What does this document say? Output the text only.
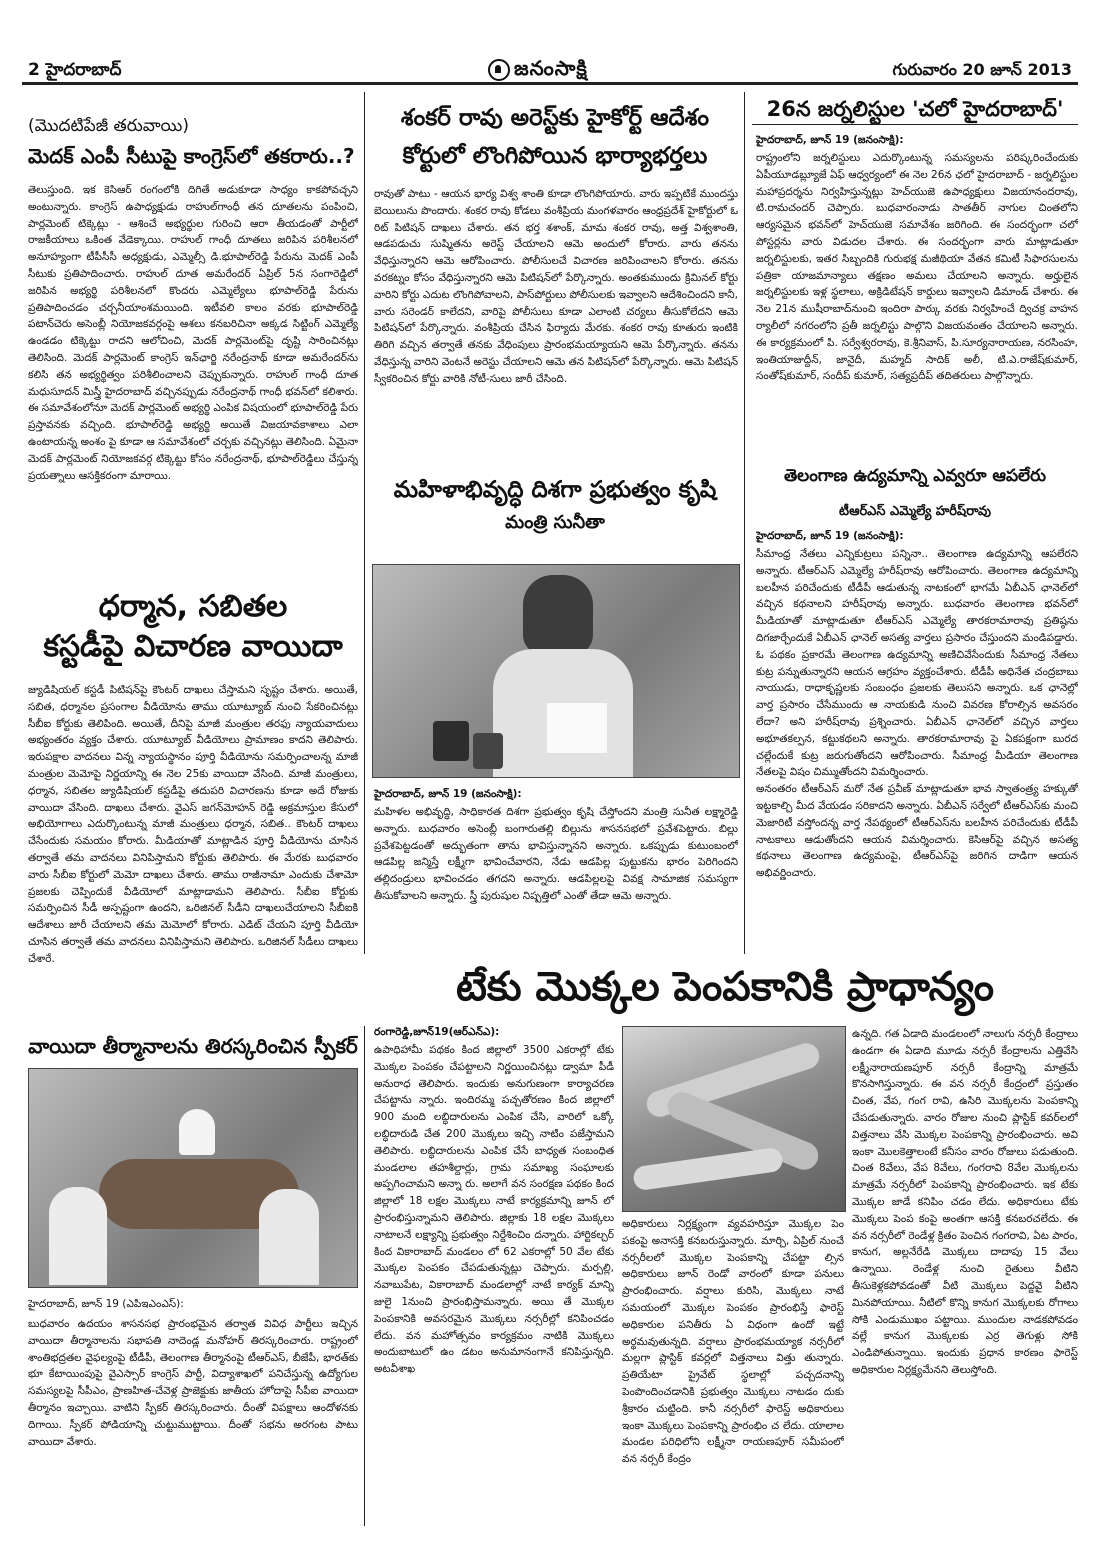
2 హైదరాబాద్	జనంసాక్షి	గురువారం 20 జూన్ 2013
(మొదటిపేజీ తరువాయి)
మెదక్ ఎంపీ సీటుపై కాంగ్రెస్‌లో తకరారు..?
తెలుస్తుంది. ఇక కెసిఆర్ రంగంలోకి దిగితే అడుకూడా సాధ్యం కాకపోవచ్చని అంటున్నారు. కాంగ్రెస్ ఉపాధ్యక్షుడు రాహుల్‌గాంధీ తన దూతలను పంపించి, పార్లమెంట్ టిక్కెట్లు - ఆశించే అభ్యర్థుల గురించి ఆరా తీయడంతో పార్టీలో రాజకీయాలు ఒకింత వేడెక్కాయి. రాహుల్ గాంధీ దూతలు జరిపిన పరిశీలనలో అనూహ్యంగా టీపీసీసీ అధ్యక్షుడు, ఎమ్మెల్సీ డి.భూపాల్‌రెడ్డి పేరును మెదక్ ఎంపీ సీటుకు ప్రతిపాదించారు. రాహుల్ దూత అమరేందర్ ఏప్రిల్ 5న సంగారెడ్డిలో జరిపిన అభ్యర్థి పరిశీలనలో కొందరు ఎమ్మెల్యేలు భూపాల్‌రెడ్డి పేరును ప్రతిపాదించడం చర్చనీయాంశమయింది. ఇటీవలి కాలం వరకు భూపాల్‌రెడ్డి పటాన్‌చెరు అసెంబ్లీ నియోజకవర్గంపై ఆశలు కనబరిచినా అక్కడ సిట్టింగ్ ఎమ్మెల్యే ఉండడం టిక్కెట్టు రాదని ఆలోచించి, మెదక్ పార్లమెంట్‌పై దృష్టి సారించినట్లు తెలిసింది. మెదక్ పార్లమెంట్ కాంగ్రెస్ ఇన్‌ఛార్జి నరేంద్రనాథ్ కూడా అమరేందర్‌ను కలిసి తన అభ్యర్థిత్వం పరిశీలించాలని చెప్పుకున్నారు. రాహుల్ గాంధీ దూత మధుసూదన్ మిస్త్రీ హైదరాబాద్ వచ్చినప్పుడు నరేంద్రనాథ్ గాంధీ భవన్‌లో కలిశారు. ఈ సమావేశంలోనూ మెదక్ పార్లమెంట్ అభ్యర్థి ఎంపిక విషయంలో భూపాల్‌రెడ్డి పేరు ప్రస్తావనకు వచ్చింది. భూపాల్‌రెడ్డి అభ్యర్థి అయితే విజయావకాశాలు ఎలా ఉంటాయన్న అంశం పై కూడా ఆ సమావేశంలో చర్చకు వచ్చినట్లు తెలిసింది. ఏమైనా మెదక్ పార్లమెంట్ నియోజకవర్గ టిక్కెట్టు కోసం నరేంద్రనాథ్, భూపాల్‌రెడ్డిలు చేస్తున్న ప్రయత్నాలు ఆసక్తికరంగా మారాయి.
ధర్మాన, సబితల
కస్టడీపై విచారణ వాయిదా
జ్యుడిషియల్ కస్టడీ పిటిషన్‌పై కౌంటర్ దాఖలు చేస్తామని సృష్టం చేశారు. అయితే, సబిత, ధర్మానల ప్రసంగాల వీడియోను తాము యూట్యూబ్ నుంచి సేకరించినట్లు సీబీఐ కోర్టుకు తెలిపింది. అయితే, దీనిపై మాజీ మంత్రుల తరఫు న్యాయవాదులు అభ్యంతరం వ్యక్తం చేశారు. యూట్యూబ్ వీడియోలు ప్రామాణం కాదని తెలిపారు. ఇరుపక్షాల వాదనలు విన్న న్యాయస్థానం పూర్తి వీడియోను సమర్పించాలన్న మాజీ మంత్రుల మెమోపై నిర్ణయాన్ని ఈ నెల 25కు వాయిదా వేసింది. మాజీ మంత్రులు, ధర్మాన, సబితల జ్యుడిషియల్ కస్టడీపై తదుపరి విచారణను కూడా అదే రోజుకు వాయిదా వేసింది. దాఖలు చేశారు. వైఎస్ జగన్‌మోహన్ రెడ్డి అక్రమాస్తుల కేసులో అభియోగాలు ఎదుర్కొంటున్న మాజీ మంత్రులు ధర్మాన, సబిత.. కౌంటర్ దాఖలు చేసేందుకు సమయం కోరారు. మీడియాతో మాట్లాడిన పూర్తి వీడియోను చూసిన తర్వాతే తమ వాదనలు వినిపిస్తామని కోర్టుకు తెలిపారు. ఈ మేరకు బుధవారం వారు సీబీఐ కోర్టులో మెమో దాఖలు చేశారు. తాము రాజీనామా ఎందుకు చేశామో ప్రజలకు చెప్పిందుకే వీడియోలో మాట్లాడామని తెలిపారు. సీబీఐ కోర్టుకు సమర్పించిన సీడీ అస్పష్టంగా ఉందని, ఒరిజినల్ సీడీని దాఖలుచేయాలని సీబీఐకి ఆదేశాలు జారీ చేయాలని తమ మెమోలో కోరారు. ఎడిట్ చేయని పూర్తి వీడియో చూసిన తర్వాతే తమ వాదనలు వినిపిస్తామని తెలిపారు. ఒరిజినల్ సీడీలు దాఖలు చేశారే.
వాయిదా తీర్మానాలను తిరస్కరించిన స్పీకర్
హైదరాబాద్, జూన్ 19 (ఎపిఇఎంఎస్):
బుధవారం ఉదయం శాసనసభ ప్రారంభమైన తర్వాత వివిధ పార్టీలు ఇచ్చిన వాయిదా తీర్మానాలను సభాపతి నాదెండ్ల మనోహర్ తిరస్కరించారు. రాష్ట్రంలో శాంతిభద్రతల వైఫల్యంపై టీడీపీ, తెలంగాణ తీర్మానంపై టీఆర్ఎస్, బీజేపీ, భారత్‌కు భూ కేటాయింపుపై వైఎస్సార్ కాంగ్రెస్ పార్టీ, విద్యాశాఖలో పనిచేస్తున్న ఉద్యోగుల సమస్యలపై సీపీఎం, ప్రాణహిత-చేవెళ్ల ప్రాజెక్టుకు జాతీయ హోదాపై సీపీఐ వాయిదా తీర్మానం ఇచ్చాయి. వాటిని స్పీకర్ తిరస్కరించారు. దీంతో విపక్షాలు ఆందోళనకు దిగాయి. స్పీకర్ పోడియాన్ని చుట్టుముట్టాయి. దీంతో సభను అరగంట పాటు వాయిదా వేశారు.
శంకర్ రావు అరెస్ట్‌కు హైకోర్ట్ ఆదేశం
కోర్టులో లొంగిపోయిన భార్యాభర్తలు
రావుతో పాటు - ఆయన భార్య విశ్వ శాంతి కూడా లొంగిపోయారు. వారు ఇప్పటికే ముందస్తు బెయిలును పొందారు. శంకర రావు కోడలు వంశీప్రియ మంగళవారం ఆంధ్రప్రదేశ్ హైకోర్టులో ఓ రిట్ పిటిషన్ దాఖలు చేశారు. తన భర్త శశాంక్, మామ శంకర రావు, అత్త విశ్వశాంతి, ఆడపడుచు సుష్మితను అరెస్ట్ చేయాలని ఆమె అందులో కోరారు. వారు తనను వేధిస్తున్నారని ఆమె ఆరోపించారు. పోలీసులచే విచారణ జరిపించాలని కోరారు. తనను వరకట్నం కోసం వేధిస్తున్నారని ఆమె పిటిషన్‌లో పేర్కొన్నారు. అంతకుముందు క్రిమినల్ కోర్టు వారిని కోర్టు ఎదుట లొంగిపోవాలని, పాస్‌పోర్టులు పోలీసులకు ఇవ్వాలని ఆదేశించిందని కానీ, వారు సరెండర్ కాలేదని, వారిపై పోలీసులు కూడా ఎలాంటి చర్యలు తీసుకోలేదని ఆమె పిటిషన్‌లో పేర్కొన్నారు. వంశీప్రియ చేసిన ఫిర్యాదు మేరకు. శంకర రావు కూతురు ఇంటికి తిరిగి వచ్చిన తర్వాతే తనకు వేధింపులు ప్రారంభమయ్యాయని ఆమె పేర్కొన్నారు. తనను వేధిస్తున్న వారిని వెంటనే అరెస్టు చేయాలని ఆమె తన పిటిషన్‌లో పేర్కొన్నారు. ఆమె పిటిషన్ స్వీకరించిన కోర్టు వారికి నోటీ-సులు జారీ చేసింది.
మహిళాభివృద్ధి దిశగా ప్రభుత్వం కృషి
మంత్రి సునీతా
హైదరాబాద్, జూన్ 19 (జనంసాక్షి):
మహిళల అభివృద్ధి, సాధికారత దిశగా ప్రభుత్వం కృషి చేస్తోందని మంత్రి సునీత లక్ష్మారెడ్డి అన్నారు. బుధవారం అసెంబ్లీ బంగారుతల్లి బిల్లును శాసనసభలో ప్రవేశపెట్టారు. బిల్లు ప్రవేశపెట్టడంతో అద్భుతంగా తాను భావిస్తున్నానని అన్నారు. ఒకప్పుడు కుటుంబంలో ఆడపిల్ల జన్మిస్తే లక్ష్మీగా భావించేవారని, నేడు ఆడపిల్ల పుట్టుకను భారం పెరిగిందని తల్లిదండ్రులు భావించడం తగదని అన్నారు. ఆడపిల్లలపై వివక్ష సామాజిక సమస్యగా తీసుకోవాలని అన్నారు. స్త్రీ పురుషుల నిష్పత్తిలో ఎంతో తేడా ఆమె అన్నారు.
26న జర్నలిస్టుల 'చలో హైదరాబాద్'
హైదరాబాద్, జూన్ 19 (జనంసాక్షి):
రాష్ట్రంలోని జర్నలిస్టులు ఎదుర్కొంటున్న సమస్యలను పరిష్కరించేందుకు ఏపీయూడబ్ల్యూజే ఏఫ్ ఆధ్వర్యంలో ఈ నెల 26న ఛలో హైదరాబాద్ - జర్నలిస్టుల మహాప్రదర్శను నిర్వహిస్తున్నట్లు హెచ్‌యుజె ఉపాధ్యక్షులు విజయానందరావు, టి.రామచందర్ చెప్పారు. బుధవారంనాడు సాతతీర్ నాగుల చింతలోని ఆర్యసమైన భవన్‌లో హెచ్‌యుజె సమావేశం జరిగింది. ఈ సందర్భంగా చలో పోస్టర్లను వారు విడుదల చేశారు. ఈ సందర్భంగా వారు మాట్లాడుతూ జర్నలిస్టులకు, ఇతర సిబ్బందికి గురుభక్ష మజీథియా వేతన కమిటీ సిఫారసులను పత్రికా యాజమాన్యాలు తక్షణం అమలు చేయాలని అన్నారు. అర్హులైన జర్నలిస్టులకు ఇళ్ల స్థలాలు, అక్రిడిటేషన్ కార్డులు ఇవ్వాలని డిమాండ్ చేశారు. ఈ నెల 21న ముషీరాబాద్‌నుంచి ఇందిరా పార్కు వరకు నిర్వహించే ద్విచక్ర వాహన ర్యాలీలో నగరంలోని ప్రతీ జర్నలిస్టు పాల్గొని విజయవంతం చేయాలని అన్నారు. ఈ కార్యక్రమంలో పి. సర్వేశ్వరరావు, కె.శ్రీనివాస్, పి.సూర్యనారాయణ, నరసింహ, ఇంతియాజుద్దీన్, జానైదీ, మహ్మద్ సాదిక్ అలీ, టి.ఎ.రాజేష్‌కుమార్, సంతోష్‌కుమార్, సందీప్ కుమార్, సత్యప్రదీప్ తదితరులు పాల్గొన్నారు.
తెలంగాణ ఉద్యమాన్ని ఎవ్వరూ ఆపలేరు
టీఆర్ఎస్ ఎమ్మెల్యే హరీష్‌రావు
హైదరాబాద్, జూన్ 19 (జనంసాక్షి):
సీమాంధ్ర నేతలు ఎన్నికుట్రలు పన్నినా.. తెలంగాణ ఉద్యమాన్ని ఆపలేరని అన్నారు. టీఆర్ఎస్ ఎమ్మెల్యే హరీష్‌రావు ఆరోపించారు. తెలంగాణ ఉద్యమాన్ని బలహీన పరిచేందుకు టీడీపీ ఆడుతున్న నాటకంలో భాగమే ఏబీఎన్ ఛానెల్‌లో వచ్చిన కథనాలని హరీష్‌రావు అన్నారు. బుధవారం తెలంగాణ భవన్‌లో మీడియాతో మాట్లాడుతూ టీఆర్ఎస్ ఎమ్మెల్యే తారకరామారావు ప్రతిష్ఠను దిగజార్చేందుకే ఏబీఎన్ ఛానెల్ అసత్య వార్తలు ప్రసారం చేస్తుందని మండిపడ్డారు. ఓ పథకం ప్రకారమే తెలంగాణ ఉద్యమాన్ని అణిచివేసేందుకు సీమాంధ్ర నేతలు కుట్ర పన్నుతున్నారని ఆయన ఆగ్రహం వ్యక్తంచేశారు. టీడీపీ అధినేత చంద్రబాబు నాయుడు, రాధాకృష్ణలకు సంబంధం ప్రజలకు తెలుసని అన్నారు. ఒక ఛానెల్లో వార్త ప్రసారం చేసేముందు ఆ నాయకుడి నుంచి వివరణ కోరాల్సిన అవసరం లేదా? అని హరీష్‌రావు ప్రశ్నించారు. ఏబీఎన్ ఛానెల్‌లో వచ్చిన వార్తలు అభూతకల్పన, కట్టుకథలని అన్నారు. తారకరామారావు పై ఏకపక్షంగా బురద చల్లేందుకే కుట్ర జరుగుతోందని ఆరోపించారు. సీమాంధ్ర మీడియా తెలంగాణ నేతలపై విషం చిమ్ముతోందని విమర్శించారు.
అనంతరం టీఆర్ఎస్ మరో నేత ప్రవీణ్ మాట్లాడుతూ భావ స్వాతంత్ర్య హక్కుతో ఇట్టకాల్చి మీద వేయడం సరికాదని అన్నారు. ఏబీఎన్ సర్వేలో టీఆర్ఎస్‌కు మంచి మెజారిటీ వస్తోందన్న వార్త నేపథ్యంలో టీఆర్ఎస్‌ను బలహీన పరిచేందుకు టీడీపీ నాటకాలు ఆడుతోందని ఆయన విమర్శించారు. కెసిఆర్‌పై వచ్చిన అసత్య కథనాలు తెలంగాణ ఉద్యమంపై, టీఆర్ఎస్‌పై జరిగిన దాడిగా ఆయన అభివర్ణించారు.
టేకు మొక్కల పెంపకానికి ప్రాధాన్యం
రంగారెడ్డి,జూన్19(ఆర్ఎన్ఎ):
ఉపాధిహామీ పథకం కింద జిల్లాలో 3500 ఎకరాల్లో టేకు మొక్కల పెంపకం చేపట్టాలని నిర్ణయించినట్లు డ్వామా పీడీ అనురాధ తెలిపారు. ఇందుకు అనుగుణంగా కార్యాచరణ చేపట్టాను న్నారు. ఇందిరమ్మ పచ్చతోరణం కింద జిల్లాలో 900 మంది లబ్ధిదారులను ఎంపిక చేసి, వారిలో ఒక్కో లబ్ధిదారుడి చేత 200 మొక్కలు ఇచ్చి నాటిం పజేస్తామని తెలిపారు. లబ్ధిదారులను ఎంపిక చేసే బాధ్యత సంబంధిత మండలాల తహశీల్దార్లు, గ్రామ సమాఖ్య సంఘాలకు అప్పగించామని అన్నా రు. అలాగే వన సంరక్షణ పథకం కింద జిల్లాలో 18 లక్షల మొక్కలు నాటే కార్యక్రమాన్ని జూన్ లో ప్రారంభిస్తున్నామని తెలిపారు. జిల్లాకు 18 లక్షల మొక్కలు నాటాలనే లక్ష్యాన్ని ప్రభుత్వం నిర్దేశించిం దన్నారు. హార్టికల్చర్ కింద వికారాబాద్ మండలం లో 62 ఎకరాల్లో 50 వేల టేకు మొక్కల పెంపకం చేపడుతున్నట్లు చెప్పారు. మర్పల్లి, నవాబుపేట, వికారాబాద్ మండలాల్లో నాటే కార్యక్ మాన్ని జులై 1నుంచి ప్రారంభిస్తామన్నారు. అయి తే మొక్కల పెంపకానికి అవసరమైన మొక్కలు నర్సరీల్లో కనిపించడం లేదు. వన మహోత్సవం కార్యక్రమం నాటికి మొక్కలు అందుబాటులో ఉం డటం అనుమానంగానే కనిపిస్తున్నది. అటవీశాఖ
అధికారులు నిర్లక్ష్యంగా వ్యవహరిస్తూ మొక్కల పెం పకంపై అనాసక్తి కనబరుస్తున్నారు. మార్చి, ఏప్రిల్ నుంచే నర్సరీలలో మొక్కల పెంపకాన్ని చేపట్టా ల్సిన అధికారులు జూన్ రెండో వారంలో కూడా పనులు ప్రారంభించారు. వర్షాలు కురిసి, మొక్కలు నాటే సమయంలో మొక్కల పెంపకం ప్రారంభిస్తే ఫారెస్ట్ అధికారుల పనితీరు ఏ విధంగా ఉందో ఇట్టే అర్థమవుతున్నది. వర్షాలు ప్రారంభమయ్యాక నర్సరీలో మల్లగా ప్లాస్టిక్ కవర్లలో విత్తనాలు విత్తు తున్నారు. ప్రతియేటా ప్రైవేట్ స్థలాల్లో పచ్చదనాన్ని పెంపొందించడానికి ప్రభుత్వం మొక్కలు నాటడం దుకు శ్రీకారం చుట్టింది. కానీ నర్సరీలో ఫారెస్ట్ అధికారులు ఇంకా మొక్కలు పెంపకాన్ని ప్రారంభిం చ లేదు. యాలాల మండల పరిధిలోని లక్ష్మీనా రాయణపూర్ సమీపంలో వన నర్సరీ కేంద్రం
ఉన్నది. గత ఏడాది మండలంలో నాలుగు నర్సరీ కేంద్రాలు ఉండగా ఈ ఏడాది మూడు నర్సరీ కేంద్రాలను ఎత్తివేసి లక్ష్మీనారాయణపూర్ నర్సరీ కేంద్రాన్ని మాత్రమే కొనసాగిస్తున్నారు. ఈ వన నర్సరీ కేంద్రంలో ప్రస్తుతం చింత, వేప, గంగ రావి, ఉసిరి మొక్కలను పెంపకాన్ని చేపడుతున్నారు. వారం రోజుల నుంచి ప్లాస్టిక్ కవర్‌లలో విత్తనాలు వేసి మొక్కల పెంపకాన్ని ప్రారంభించారు. అవి ఇంకా మొలకెత్తాలంటే కనీసం వారం రోజులు పడుతుంది. చింత 8వేలు, వేప 8వేలు, గంగరావి 8వేల మొక్కలను మాత్రమే నర్సరీలో పెంపకాన్ని ప్రారంభించారు. ఇక టేకు మొక్కల జాడే కనిపిం చడం లేదు. అధికారులు టేకు మొక్కలు పెంప కంపై అంతగా ఆసక్తి కనబరచలేదు. ఈ వన నర్సరీలో రెండేళ్ల క్రితం పెంచిన గంగరావి, ఏట పారం, కానుగ, అల్లనేరేడి మొక్కలు దాదాపు 15 వేలు ఉన్నాయి. రెండేళ్ల నుంచి రైతులు వీటిని తీసుకెళ్లకపోవడంతో వీటి మొక్కలు పెద్దవై వీటిని మినపోయాయి. నీటిలో కొన్ని కానుగ మొక్కలకు రోగాలు సోకి ఎండుముఖం పట్టాయి. ముందుల నాడకపోవడం వల్లే కానుగ మొక్కలకు ఎర్ర తెగుళ్లు సోకి ఎండిపోతున్నాయి. ఇందుకు ప్రధాన కారణం ఫారెస్ట్ అధికారుల నిర్లక్ష్యమేనని తెలుస్తోంది.
